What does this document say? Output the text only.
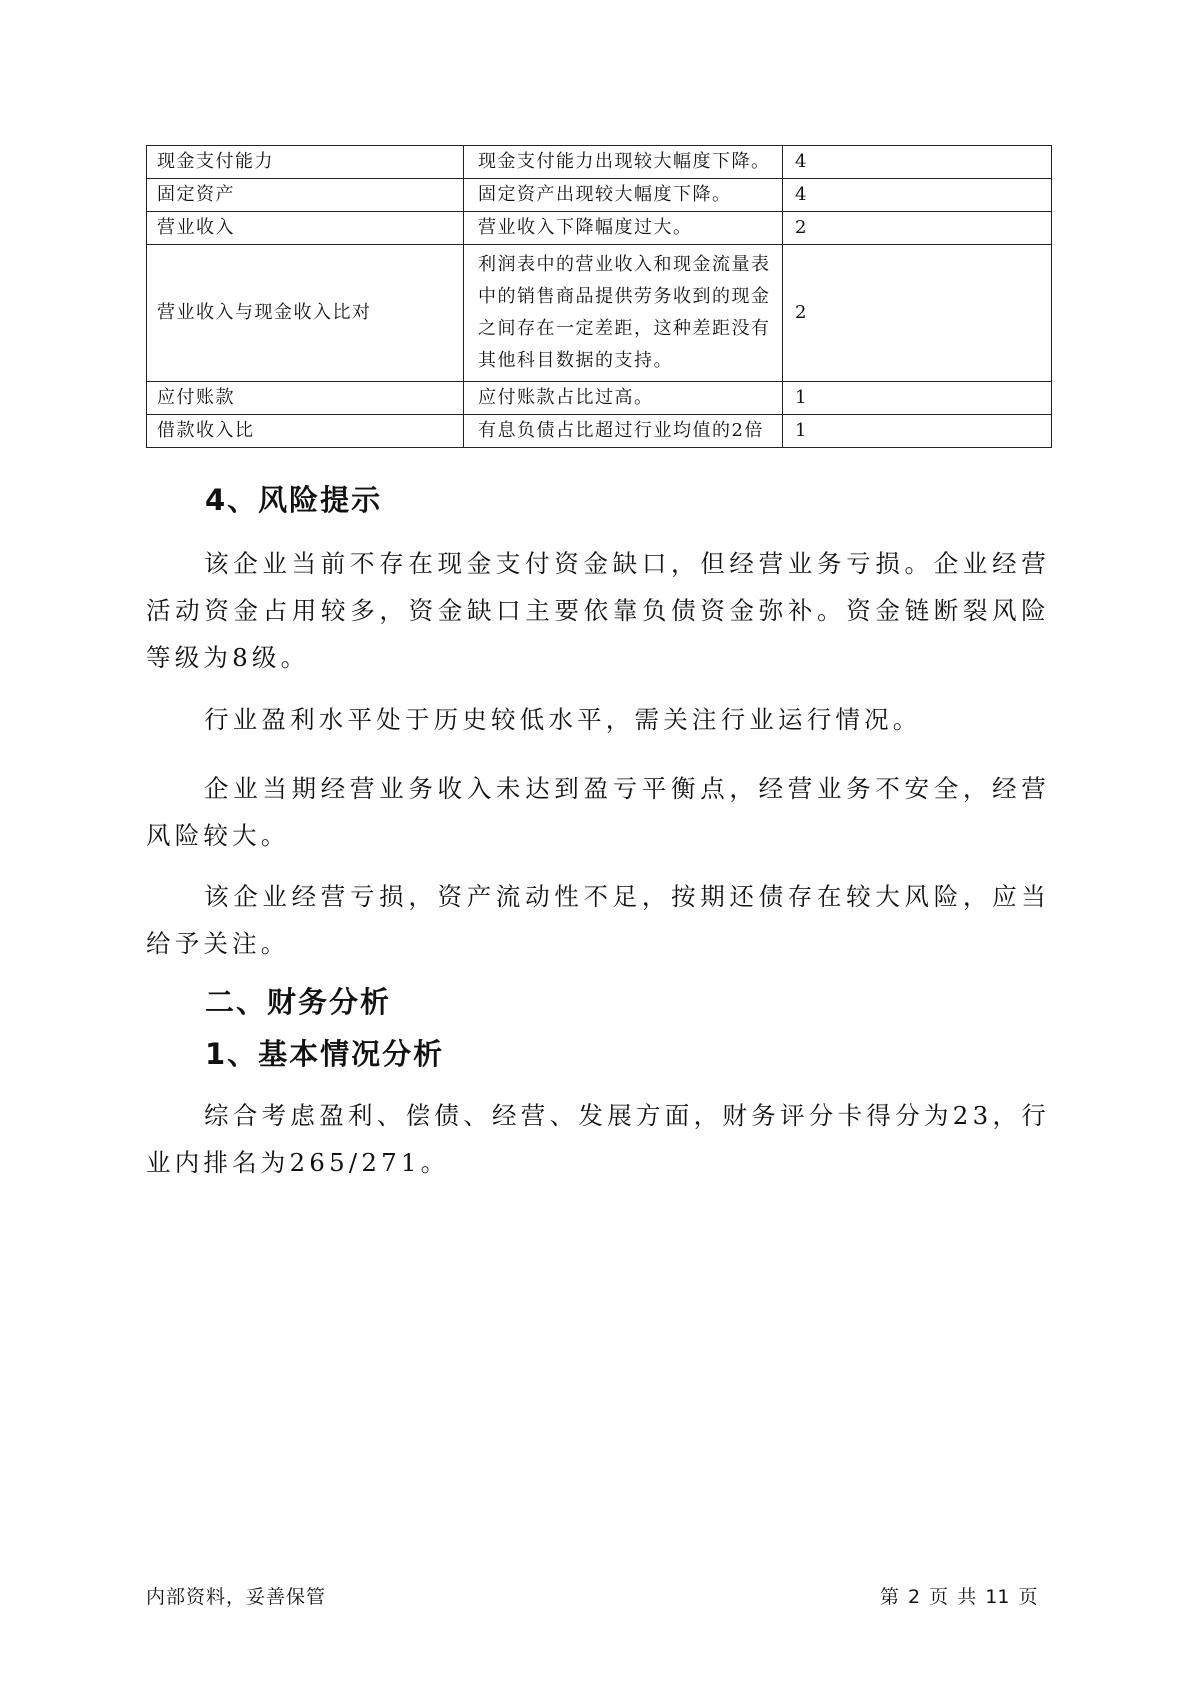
现金支付能力	现金支付能力出现较大幅度下降。	4
固定资产	固定资产出现较大幅度下降。	4
营业收入	营业收入下降幅度过大。	2
营业收入与现金收入比对	利润表中的营业收入和现金流量表中的销售商品提供劳务收到的现金之间存在一定差距，这种差距没有其他科目数据的支持。	2
应付账款	应付账款占比过高。	1
借款收入比	有息负债占比超过行业均值的2倍	1
4、风险提示
该企业当前不存在现金支付资金缺口，但经营业务亏损。企业经营活动资金占用较多，资金缺口主要依靠负债资金弥补。资金链断裂风险等级为8级。
行业盈利水平处于历史较低水平，需关注行业运行情况。
企业当期经营业务收入未达到盈亏平衡点，经营业务不安全，经营风险较大。
该企业经营亏损，资产流动性不足，按期还债存在较大风险，应当给予关注。
二、财务分析
1、基本情况分析
综合考虑盈利、偿债、经营、发展方面，财务评分卡得分为23，行业内排名为265/271。
内部资料，妥善保管	第 2 页 共 11 页
